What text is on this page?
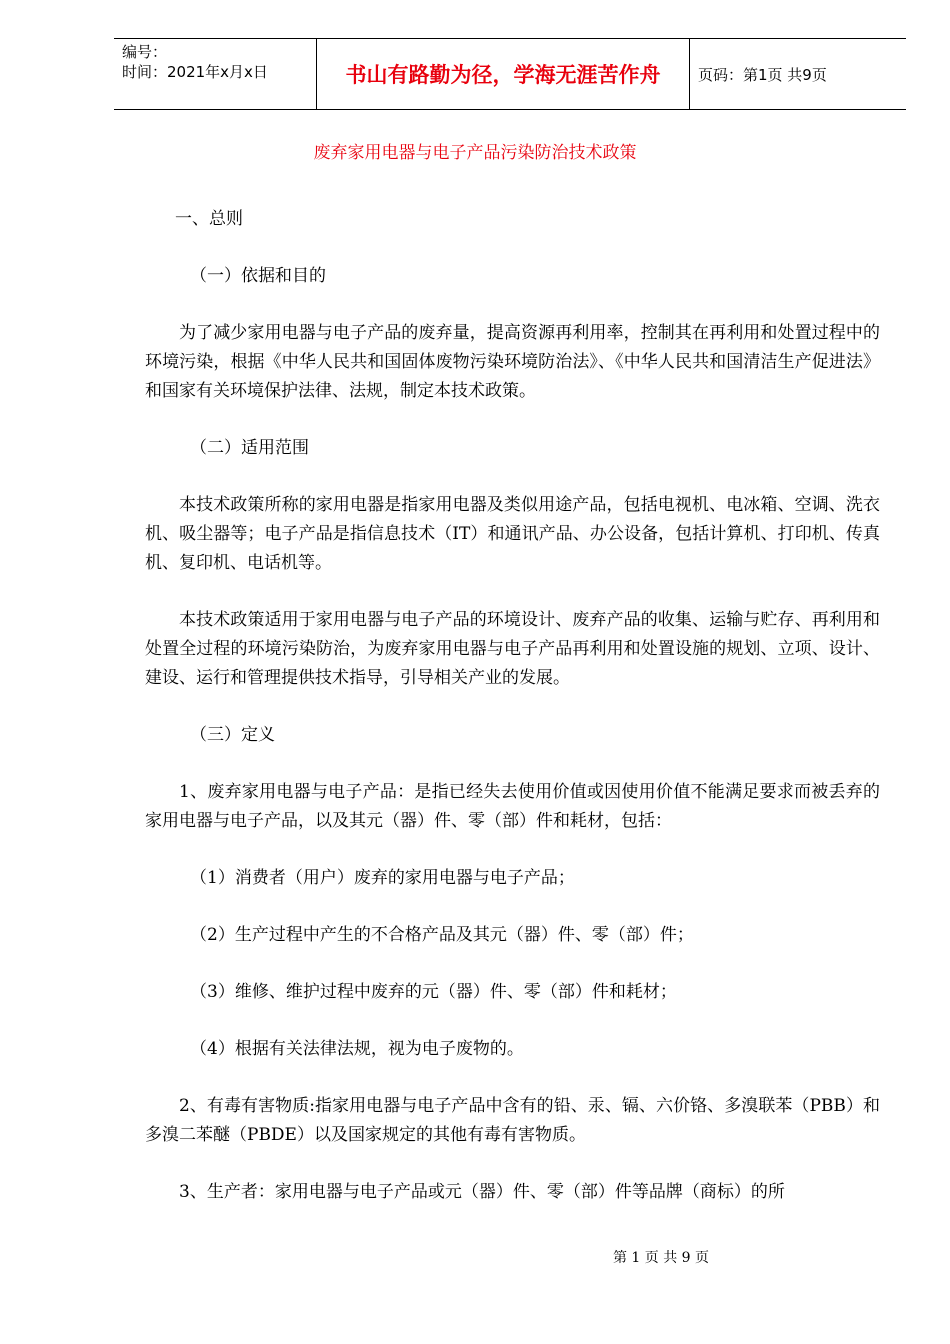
编号：
时间：2021年x月x日	书山有路勤为径，学海无涯苦作舟	页码：第1页 共9页
废弃家用电器与电子产品污染防治技术政策

一、总则

（一）依据和目的

为了减少家用电器与电子产品的废弃量，提高资源再利用率，控制其在再利用和处置过程中的环境污染，根据《中华人民共和国固体废物污染环境防治法》、《中华人民共和国清洁生产促进法》和国家有关环境保护法律、法规，制定本技术政策。

（二）适用范围

本技术政策所称的家用电器是指家用电器及类似用途产品，包括电视机、电冰箱、空调、洗衣机、吸尘器等；电子产品是指信息技术（IT）和通讯产品、办公设备，包括计算机、打印机、传真机、复印机、电话机等。

本技术政策适用于家用电器与电子产品的环境设计、废弃产品的收集、运输与贮存、再利用和处置全过程的环境污染防治，为废弃家用电器与电子产品再利用和处置设施的规划、立项、设计、建设、运行和管理提供技术指导，引导相关产业的发展。

（三）定义

1、废弃家用电器与电子产品：是指已经失去使用价值或因使用价值不能满足要求而被丢弃的家用电器与电子产品，以及其元（器）件、零（部）件和耗材，包括：

（1）消费者（用户）废弃的家用电器与电子产品；

（2）生产过程中产生的不合格产品及其元（器）件、零（部）件；

（3）维修、维护过程中废弃的元（器）件、零（部）件和耗材；

（4）根据有关法律法规，视为电子废物的。

2、有毒有害物质:指家用电器与电子产品中含有的铅、汞、镉、六价铬、多溴联苯（PBB）和多溴二苯醚（PBDE）以及国家规定的其他有毒有害物质。

3、生产者：家用电器与电子产品或元（器）件、零（部）件等品牌（商标）的所

第 1 页 共 9 页
